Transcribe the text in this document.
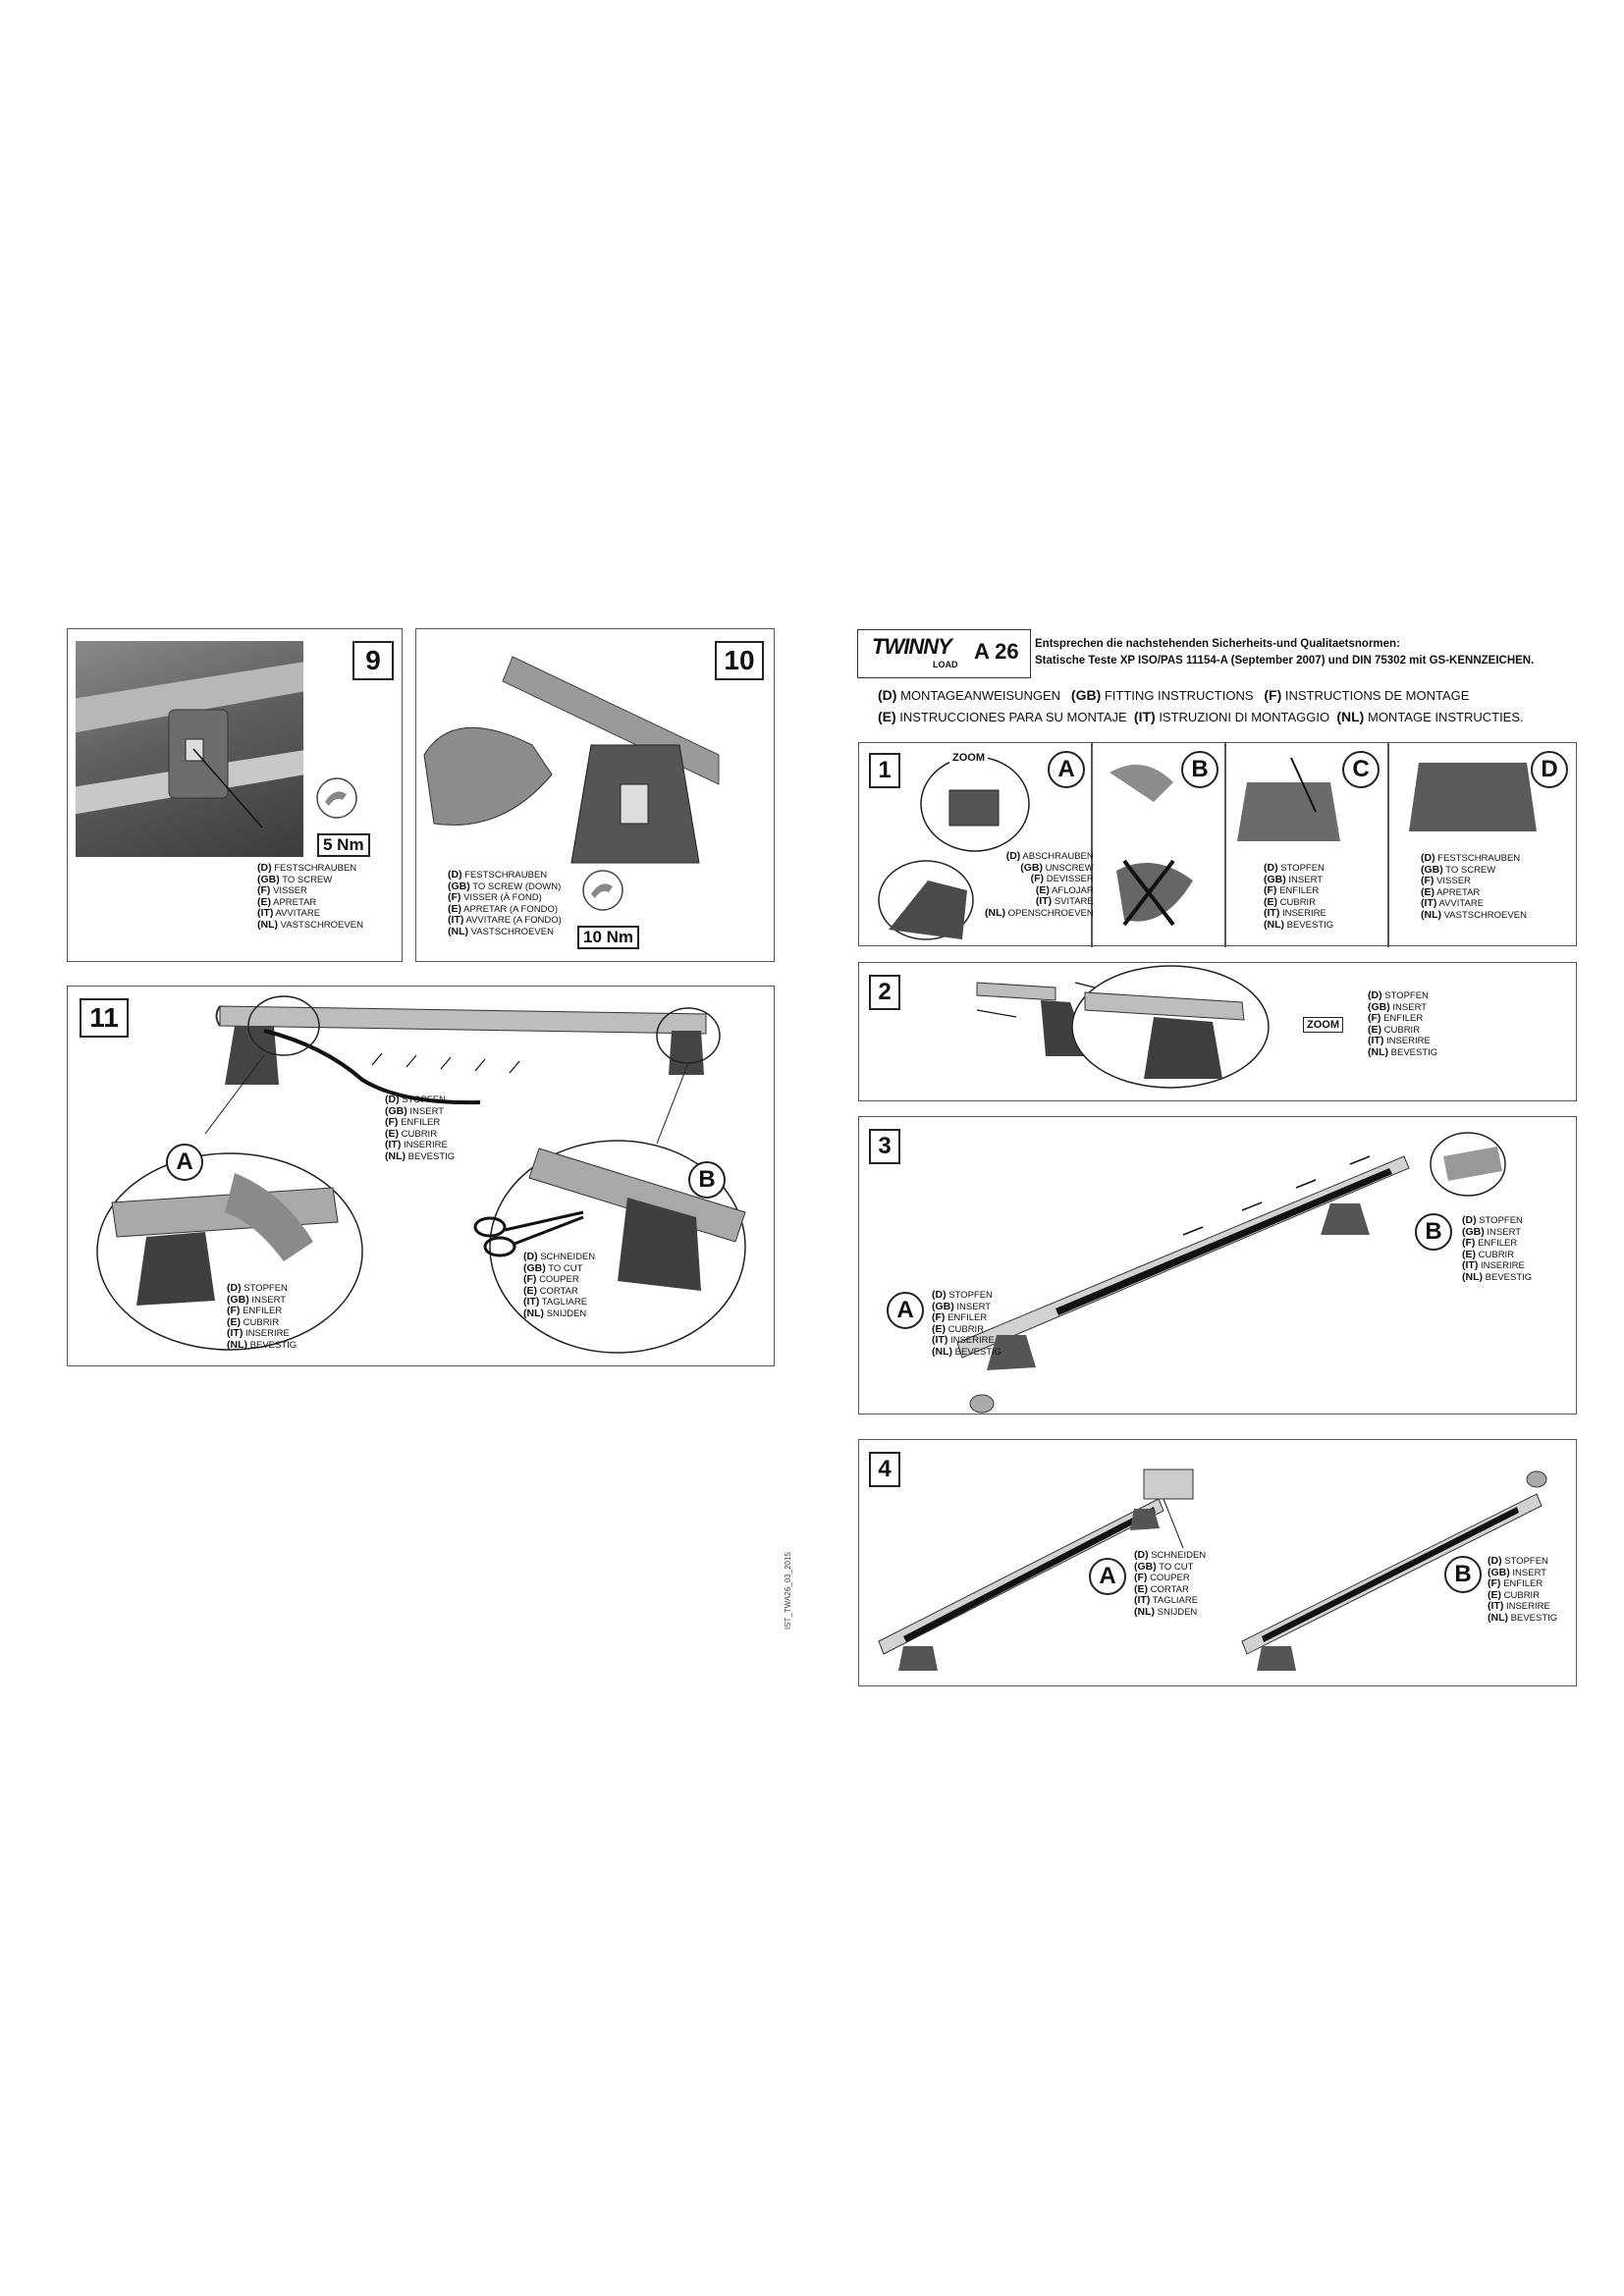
9
5 Nm
(D) FESTSCHRAUBEN
(GB) TO SCREW
(F) VISSER
(E) APRETAR
(IT) AVVITARE
(NL) VASTSCHROEVEN
10
10 Nm
(D) FESTSCHRAUBEN
(GB) TO SCREW (DOWN)
(F) VISSER (À FOND)
(E) APRETAR (A FONDO)
(IT) AVVITARE (A FONDO)
(NL) VASTSCHROEVEN
11
A
B
(D) STOPFEN
(GB) INSERT
(F) ENFILER
(E) CUBRIR
(IT) INSERIRE
(NL) BEVESTIG
(D) STOPFEN
(GB) INSERT
(F) ENFILER
(E) CUBRIR
(IT) INSERIRE
(NL) BEVESTIG
(D) SCHNEIDEN
(GB) TO CUT
(F) COUPER
(E) CORTAR
(IT) TAGLIARE
(NL) SNIJDEN
IST_TWA26_03_2015
TWINNY
LOAD
A 26 Entsprechen die nachstehenden Sicherheits-und Qualitaetsnormen:
Statische Teste XP ISO/PAS 11154-A (September 2007) und DIN 75302 mit GS-KENNZEICHEN.
(D) MONTAGEANWEISUNGEN (GB) FITTING INSTRUCTIONS (F) INSTRUCTIONS DE MONTAGE
(E) INSTRUCCIONES PARA SU MONTAJE (IT) ISTRUZIONI DI MONTAGGIO (NL) MONTAGE INSTRUCTIES.
1	ZOOM	A	B	C	D
(D) ABSCHRAUBEN
(GB) UNSCREW
(F) DEVISSER
(E) AFLOJAR
(IT) SVITARE
(NL) OPENSCHROEVEN
(D) STOPFEN
(GB) INSERT
(F) ENFILER
(E) CUBRIR
(IT) INSERIRE
(NL) BEVESTIG
(D) FESTSCHRAUBEN
(GB) TO SCREW
(F) VISSER
(E) APRETAR
(IT) AVVITARE
(NL) VASTSCHROEVEN
2
ZOOM
(D) STOPFEN
(GB) INSERT
(F) ENFILER
(E) CUBRIR
(IT) INSERIRE
(NL) BEVESTIG
3
A
B
(D) STOPFEN
(GB) INSERT
(F) ENFILER
(E) CUBRIR
(IT) INSERIRE
(NL) BEVESTIG
(D) STOPFEN
(GB) INSERT
(F) ENFILER
(E) CUBRIR
(IT) INSERIRE
(NL) BEVESTIG
4
A	B
(D) SCHNEIDEN
(GB) TO CUT
(F) COUPER
(E) CORTAR
(IT) TAGLIARE
(NL) SNIJDEN
(D) STOPFEN
(GB) INSERT
(F) ENFILER
(E) CUBRIR
(IT) INSERIRE
(NL) BEVESTIG
